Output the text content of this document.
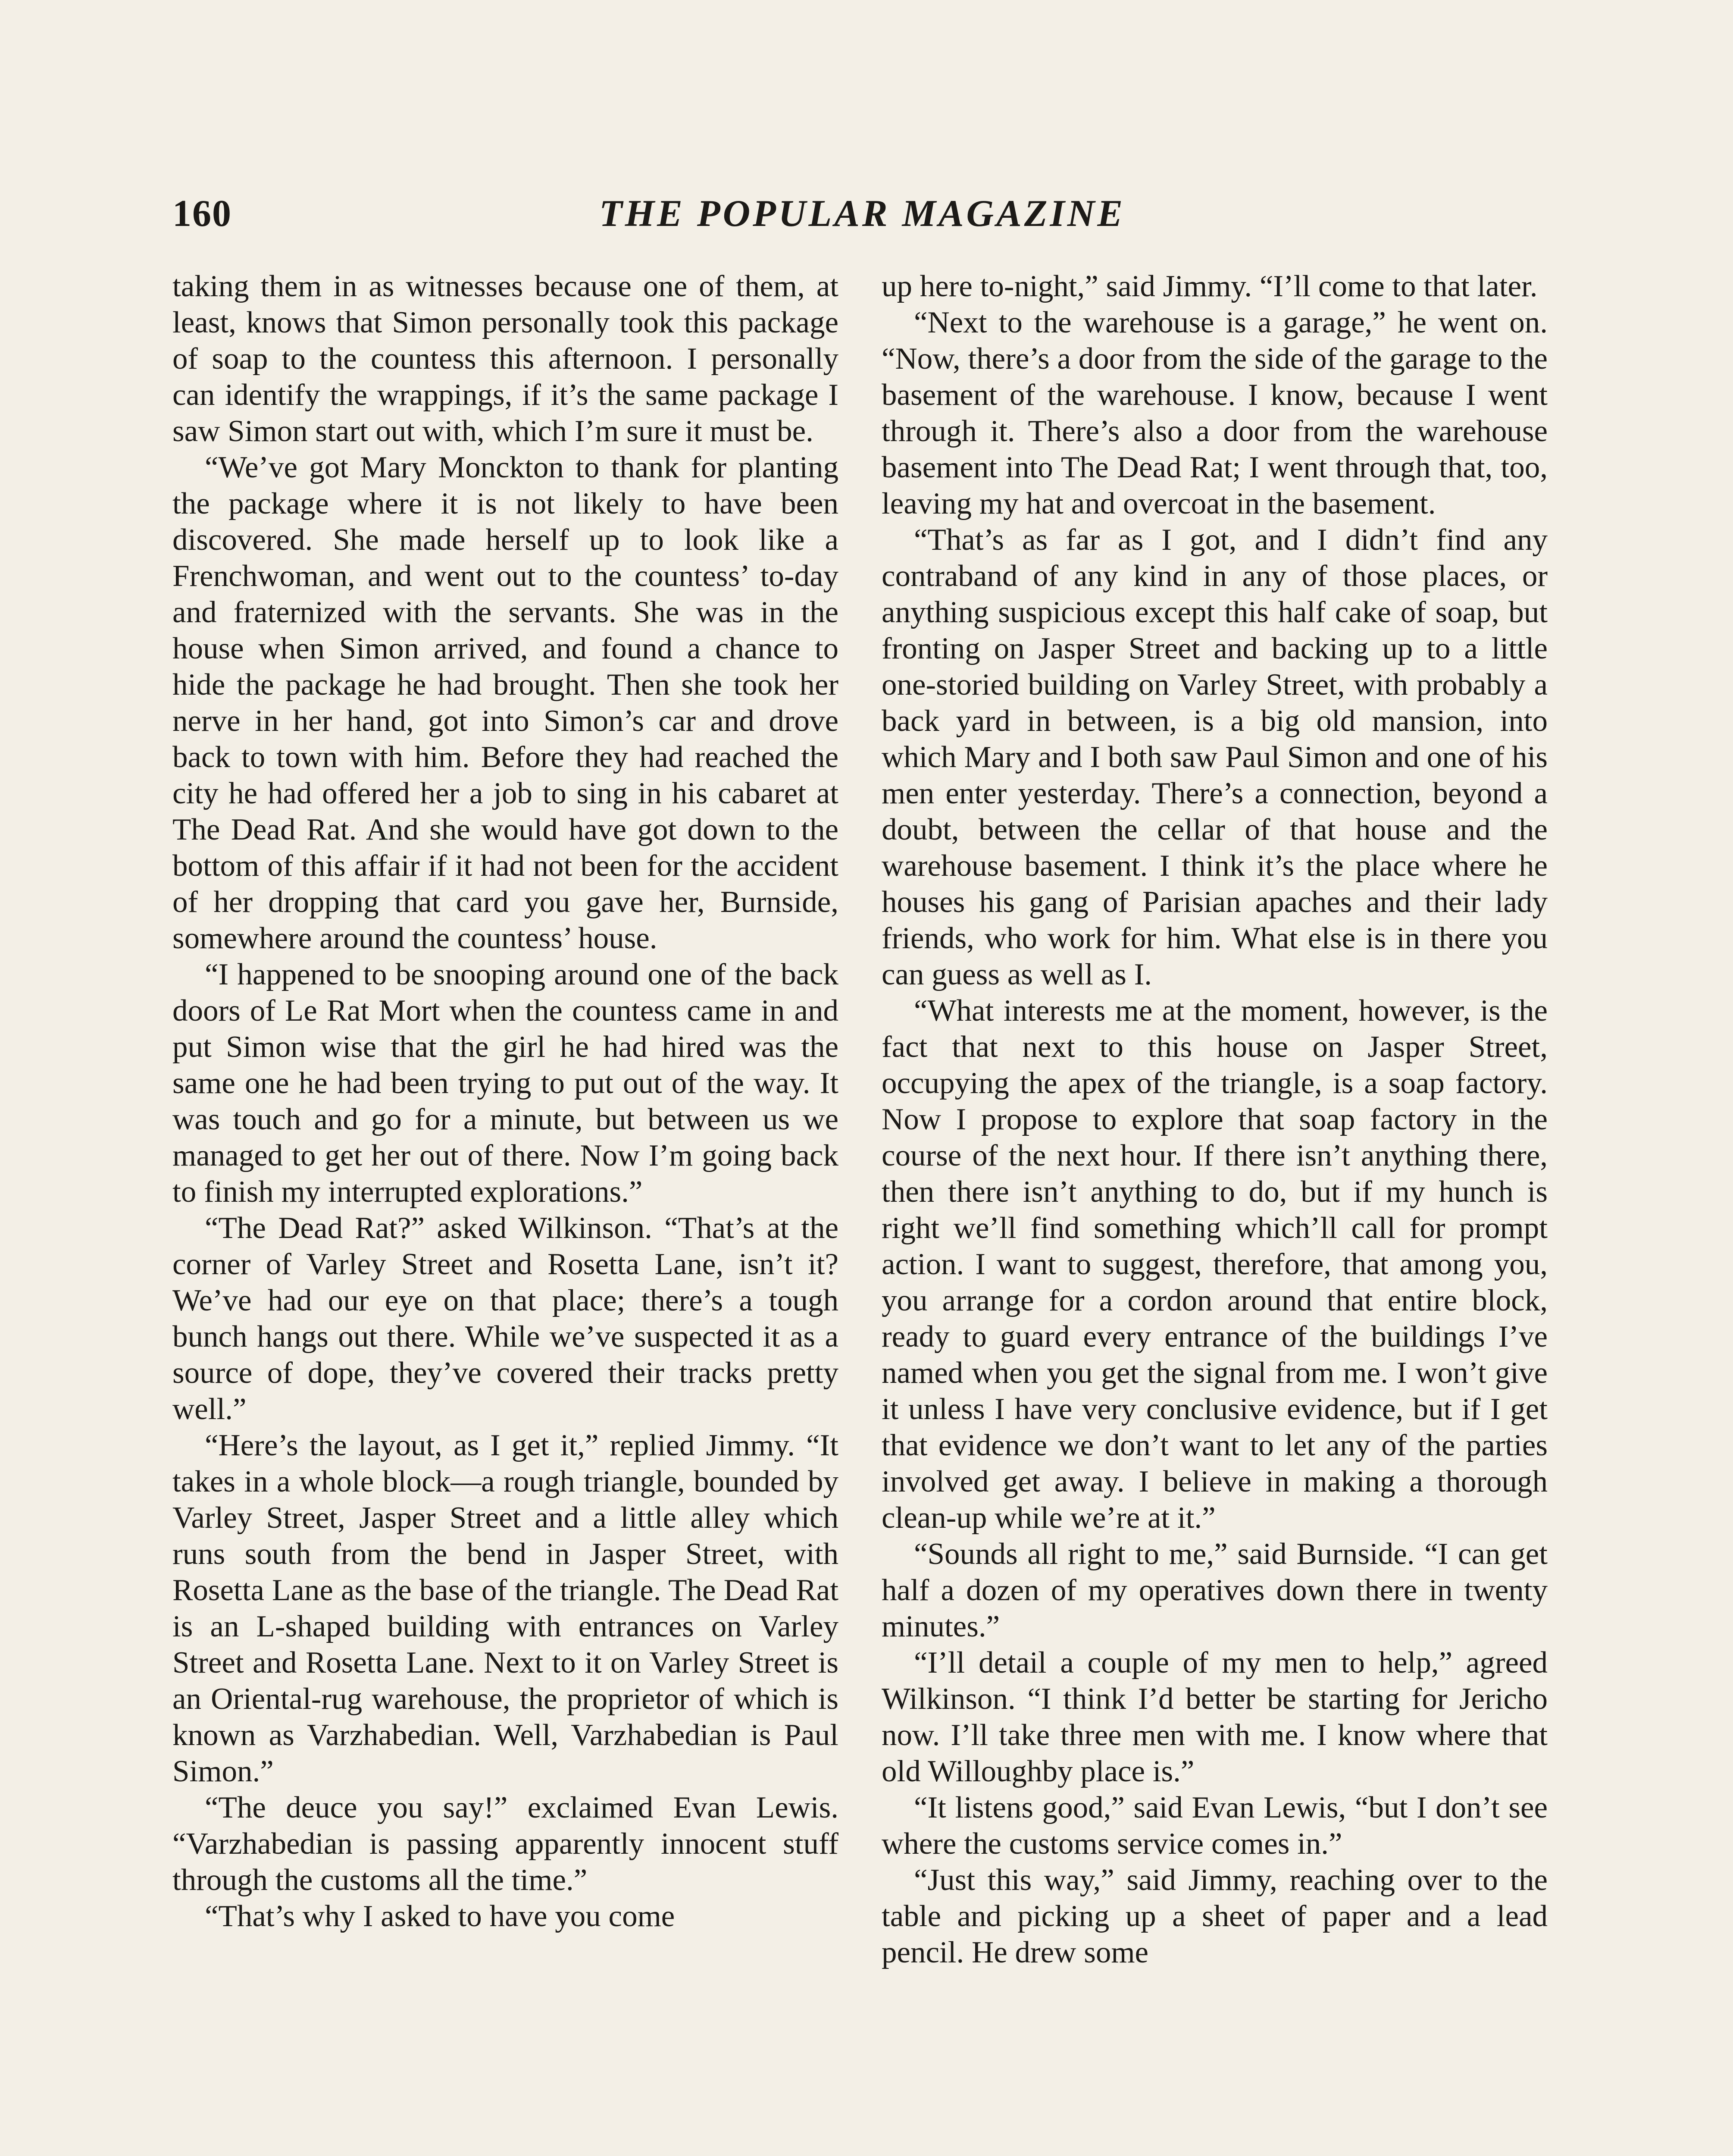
160	THE POPULAR MAGAZINE

taking them in as witnesses because one of them, at least, knows that Simon personally took this package of soap to the countess this afternoon. I personally can identify the wrappings, if it’s the same package I saw Simon start out with, which I’m sure it must be.

“We’ve got Mary Monckton to thank for planting the package where it is not likely to have been discovered. She made herself up to look like a Frenchwoman, and went out to the countess’ to-day and fraternized with the servants. She was in the house when Simon arrived, and found a chance to hide the package he had brought. Then she took her nerve in her hand, got into Simon’s car and drove back to town with him. Before they had reached the city he had offered her a job to sing in his cabaret at The Dead Rat. And she would have got down to the bottom of this affair if it had not been for the accident of her dropping that card you gave her, Burnside, somewhere around the countess’ house.

“I happened to be snooping around one of the back doors of Le Rat Mort when the countess came in and put Simon wise that the girl he had hired was the same one he had been trying to put out of the way. It was touch and go for a minute, but between us we managed to get her out of there. Now I’m going back to finish my interrupted explorations.”

“The Dead Rat?” asked Wilkinson. “That’s at the corner of Varley Street and Rosetta Lane, isn’t it? We’ve had our eye on that place; there’s a tough bunch hangs out there. While we’ve suspected it as a source of dope, they’ve covered their tracks pretty well.”

“Here’s the layout, as I get it,” replied Jimmy. “It takes in a whole block—a rough triangle, bounded by Varley Street, Jasper Street and a little alley which runs south from the bend in Jasper Street, with Rosetta Lane as the base of the triangle. The Dead Rat is an L-shaped building with entrances on Varley Street and Rosetta Lane. Next to it on Varley Street is an Oriental-rug warehouse, the proprietor of which is known as Varzhabedian. Well, Varzhabedian is Paul Simon.”

“The deuce you say!” exclaimed Evan Lewis. “Varzhabedian is passing apparently innocent stuff through the customs all the time.”

“That’s why I asked to have you come

up here to-night,” said Jimmy. “I’ll come to that later.

“Next to the warehouse is a garage,” he went on. “Now, there’s a door from the side of the garage to the basement of the warehouse. I know, because I went through it. There’s also a door from the warehouse basement into The Dead Rat; I went through that, too, leaving my hat and overcoat in the basement.

“That’s as far as I got, and I didn’t find any contraband of any kind in any of those places, or anything suspicious except this half cake of soap, but fronting on Jasper Street and backing up to a little one-storied building on Varley Street, with probably a back yard in between, is a big old mansion, into which Mary and I both saw Paul Simon and one of his men enter yesterday. There’s a connection, beyond a doubt, between the cellar of that house and the warehouse basement. I think it’s the place where he houses his gang of Parisian apaches and their lady friends, who work for him. What else is in there you can guess as well as I.

“What interests me at the moment, however, is the fact that next to this house on Jasper Street, occupying the apex of the triangle, is a soap factory. Now I propose to explore that soap factory in the course of the next hour. If there isn’t anything there, then there isn’t anything to do, but if my hunch is right we’ll find something which’ll call for prompt action. I want to suggest, therefore, that among you, you arrange for a cordon around that entire block, ready to guard every entrance of the buildings I’ve named when you get the signal from me. I won’t give it unless I have very conclusive evidence, but if I get that evidence we don’t want to let any of the parties involved get away. I believe in making a thorough clean-up while we’re at it.”

“Sounds all right to me,” said Burnside. “I can get half a dozen of my operatives down there in twenty minutes.”

“I’ll detail a couple of my men to help,” agreed Wilkinson. “I think I’d better be starting for Jericho now. I’ll take three men with me. I know where that old Willoughby place is.”

“It listens good,” said Evan Lewis, “but I don’t see where the customs service comes in.”

“Just this way,” said Jimmy, reaching over to the table and picking up a sheet of paper and a lead pencil. He drew some
